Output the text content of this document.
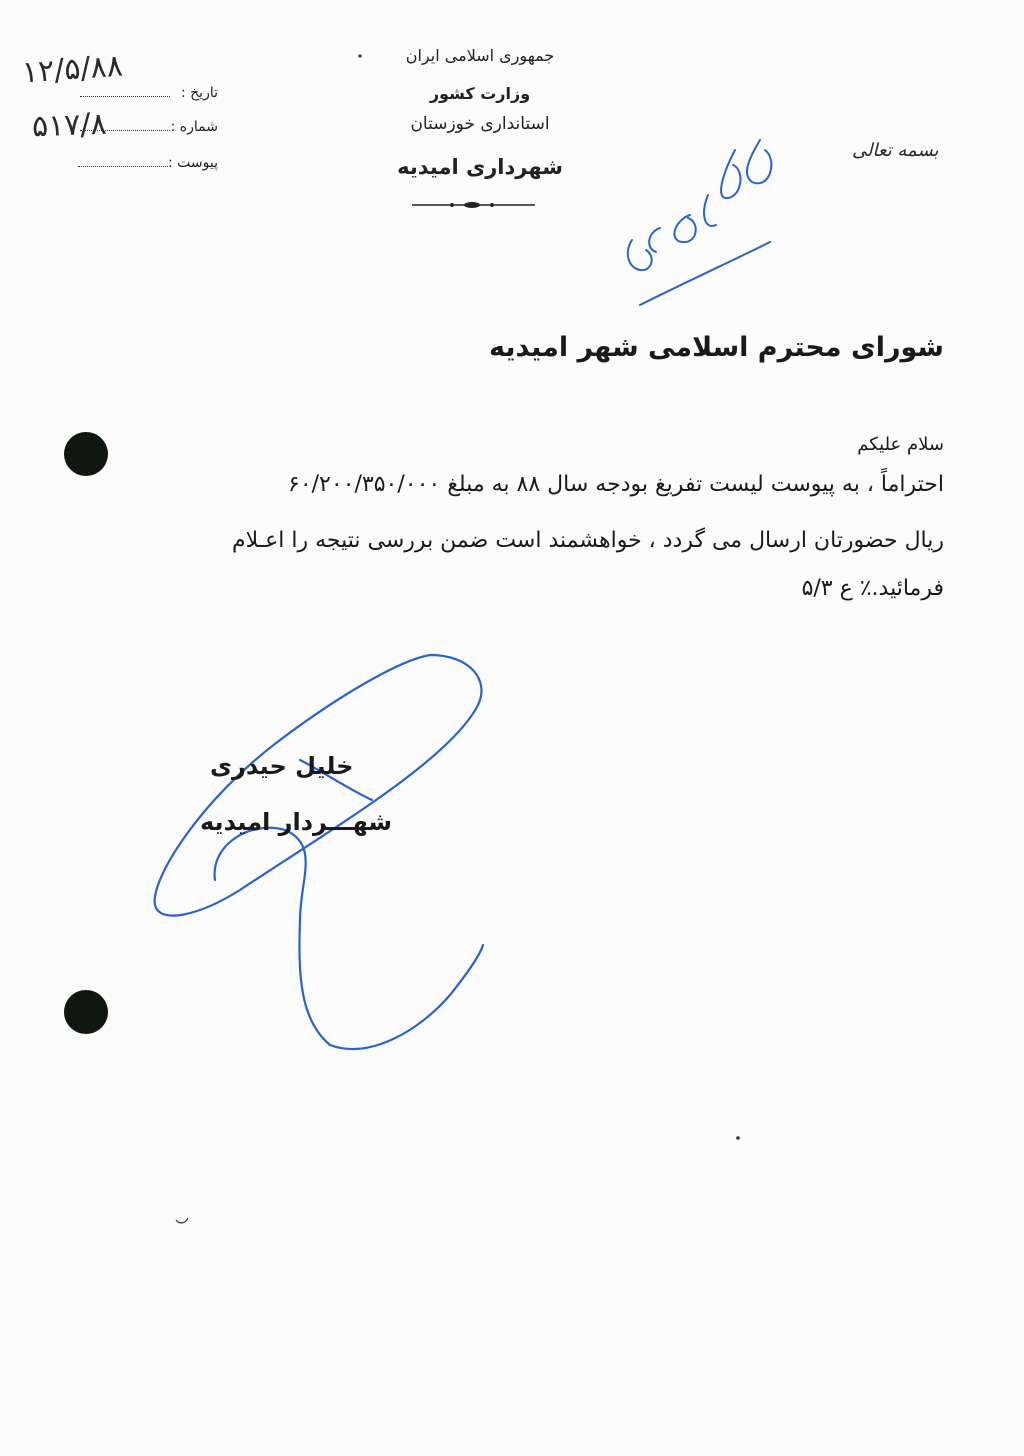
جمهوری اسلامی ایران
وزارت کشور
استانداری خوزستان
شهرداری امیدیه
تاریخ :
شماره :
پیوست :
۱۲/۵/۸۸
۵۱۷/۸
بسمه تعالی
شورای محترم اسلامی شهر امیدیه
سلام علیکم
احتراماً ، به پیوست لیست تفریغ بودجه سال ۸۸ به مبلغ ۶۰/۲۰۰/۳۵۰/۰۰۰
ریال حضورتان ارسال می گردد ، خواهشمند است ضمن بررسی نتیجه را اعـلام
فرمائید.٪ ع ۵/۳
خلیل حیدری
شهـــردار امیدیه
